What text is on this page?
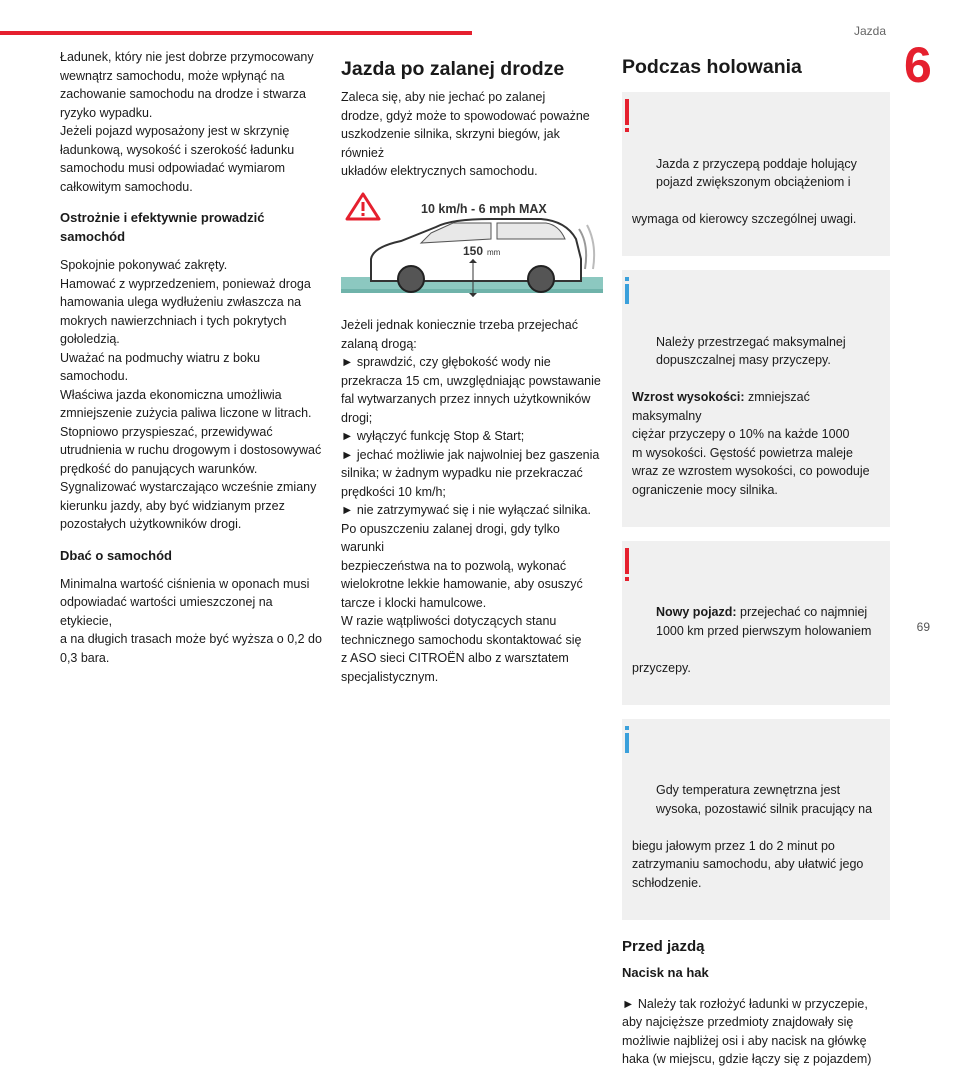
Jazda
6

Ładunek, który nie jest dobrze przymocowany
wewnątrz samochodu, może wpłynąć na
zachowanie samochodu na drodze i stwarza
ryzyko wypadku.
Jeżeli pojazd wyposażony jest w skrzynię
ładunkową, wysokość i szerokość ładunku
samochodu musi odpowiadać wymiarom
całkowitym samochodu.

Ostrożnie i efektywnie prowadzić
samochód

Spokojnie pokonywać zakręty.
Hamować z wyprzedzeniem, ponieważ droga
hamowania ulega wydłużeniu zwłaszcza na
mokrych nawierzchniach i tych pokrytych
gołoledzią.
Uważać na podmuchy wiatru z boku samochodu.
Właściwa jazda ekonomiczna umożliwia
zmniejszenie zużycia paliwa liczone w litrach.
Stopniowo przyspieszać, przewidywać
utrudnienia w ruchu drogowym i dostosowywać
prędkość do panujących warunków.
Sygnalizować wystarczająco wcześnie zmiany
kierunku jazdy, aby być widzianym przez
pozostałych użytkowników drogi.

Dbać o samochód

Minimalna wartość ciśnienia w oponach musi
odpowiadać wartości umieszczonej na etykiecie,
a na długich trasach może być wyższa o 0,2 do
0,3 bara.

Jazda po zalanej drodze

Zaleca się, aby nie jechać po zalanej
drodze, gdyż może to spowodować poważne
uszkodzenie silnika, skrzyni biegów, jak również
układów elektrycznych samochodu.

10 km/h - 6 mph MAX
150 mm

Jeżeli jednak koniecznie trzeba przejechać
zalaną drogą:
► sprawdzić, czy głębokość wody nie
przekracza 15 cm, uwzględniając powstawanie
fal wytwarzanych przez innych użytkowników
drogi;
► wyłączyć funkcję Stop & Start;
► jechać możliwie jak najwolniej bez gaszenia
silnika; w żadnym wypadku nie przekraczać
prędkości 10 km/h;
► nie zatrzymywać się i nie wyłączać silnika.
Po opuszczeniu zalanej drogi, gdy tylko warunki
bezpieczeństwa na to pozwolą, wykonać
wielokrotne lekkie hamowanie, aby osuszyć
tarcze i klocki hamulcowe.
W razie wątpliwości dotyczących stanu
technicznego samochodu skontaktować się
z ASO sieci CITROËN albo z warsztatem
specjalistycznym.

Podczas holowania

Jazda z przyczepą poddaje holujący
pojazd zwiększonym obciążeniom i

wymaga od kierowcy szczególnej uwagi.

Należy przestrzegać maksymalnej
dopuszczalnej masy przyczepy.

Wzrost wysokości: zmniejszać maksymalny
ciężar przyczepy o 10% na każde 1000
m wysokości. Gęstość powietrza maleje
wraz ze wzrostem wysokości, co powoduje
ograniczenie mocy silnika.

Nowy pojazd: przejechać co najmniej
1000 km przed pierwszym holowaniem

przyczepy.

Gdy temperatura zewnętrzna jest
wysoka, pozostawić silnik pracujący na

biegu jałowym przez 1 do 2 minut po
zatrzymaniu samochodu, aby ułatwić jego
schłodzenie.

Przed jazdą
Nacisk na hak

► Należy tak rozłożyć ładunki w przyczepie,
aby najcięższe przedmioty znajdowały się
możliwie najbliżej osi i aby nacisk na główkę
haka (w miejscu, gdzie łączy się z pojazdem)

69
